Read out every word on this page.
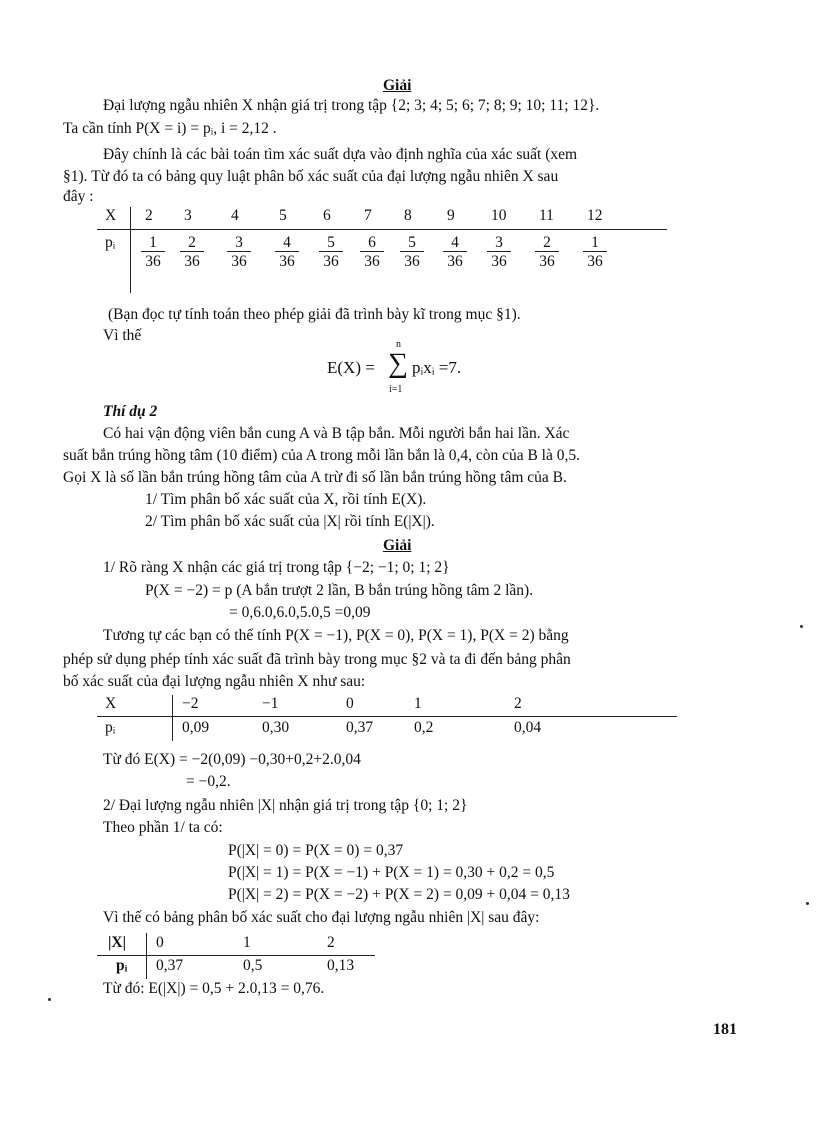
Giải
Đại lượng ngẫu nhiên X nhận giá trị trong tập {2; 3; 4; 5; 6; 7; 8; 9; 10; 11; 12}.
Ta cần tính P(X = i) = pᵢ, i = 2,12 .
Đây chính là các bài toán tìm xác suất dựa vào định nghĩa của xác suất (xem
§1). Từ đó ta có bảng quy luật phân bố xác suất của đại lượng ngẫu nhiên X sau
đây :
X
pᵢ
2 3	4	5 6 7 8 9 10 11 12
$\frac{1}{36} \frac{2}{36} \frac{3}{36} \frac{4}{36} \frac{5}{36} \frac{6}{36} \frac{5}{36} \frac{4}{36} \frac{3}{36} \frac{2}{36} \frac{1}{36}$
(Bạn đọc tự tính toán theo phép giải đã trình bày kĩ trong mục §1).
Vì thế
E(X) =
n
∑
i=1
pᵢxᵢ =7.
Thí dụ 2
Có hai vận động viên bắn cung A và B tập bắn. Mỗi người bắn hai lần. Xác
suất bắn trúng hồng tâm (10 điểm) của A trong mỗi lần bắn là 0,4, còn của B là 0,5.
Gọi X là số lần bắn trúng hồng tâm của A trừ đi số lần bắn trúng hồng tâm của B.
1/ Tìm phân bố xác suất của X, rồi tính E(X).
2/ Tìm phân bố xác suất của |X| rồi tính E(|X|).
Giải
1/ Rõ ràng X nhận các giá trị trong tập {−2; −1; 0; 1; 2}
P(X = −2) = p (A bắn trượt 2 lần, B bắn trúng hồng tâm 2 lần).
= 0,6.0,6.0,5.0,5 =0,09
Tương tự các bạn có thể tính P(X = −1), P(X = 0), P(X = 1), P(X = 2) bằng
phép sử dụng phép tính xác suất đã trình bày trong mục §2 và ta đi đến bảng phân
bố xác suất của đại lượng ngẫu nhiên X như sau:
X
pᵢ
−2
0,09
−1
0,30
0
0,37
1
0,2
2
0,04
Từ đó E(X) = −2(0,09) −0,30+0,2+2.0,04
= −0,2.
2/ Đại lượng ngẫu nhiên |X| nhận giá trị trong tập {0; 1; 2}
Theo phần 1/ ta có:
P(|X| = 0) = P(X = 0) = 0,37
P(|X| = 1) = P(X = −1) + P(X = 1) = 0,30 + 0,2 = 0,5
P(|X| = 2) = P(X = −2) + P(X = 2) = 0,09 + 0,04 = 0,13
Vì thế có bảng phân bố xác suất cho đại lượng ngẫu nhiên |X| sau đây:
|X|
pᵢ
0
0,37
1
0,5
2
0,13
Từ đó: E(|X|) = 0,5 + 2.0,13 = 0,76.
181
